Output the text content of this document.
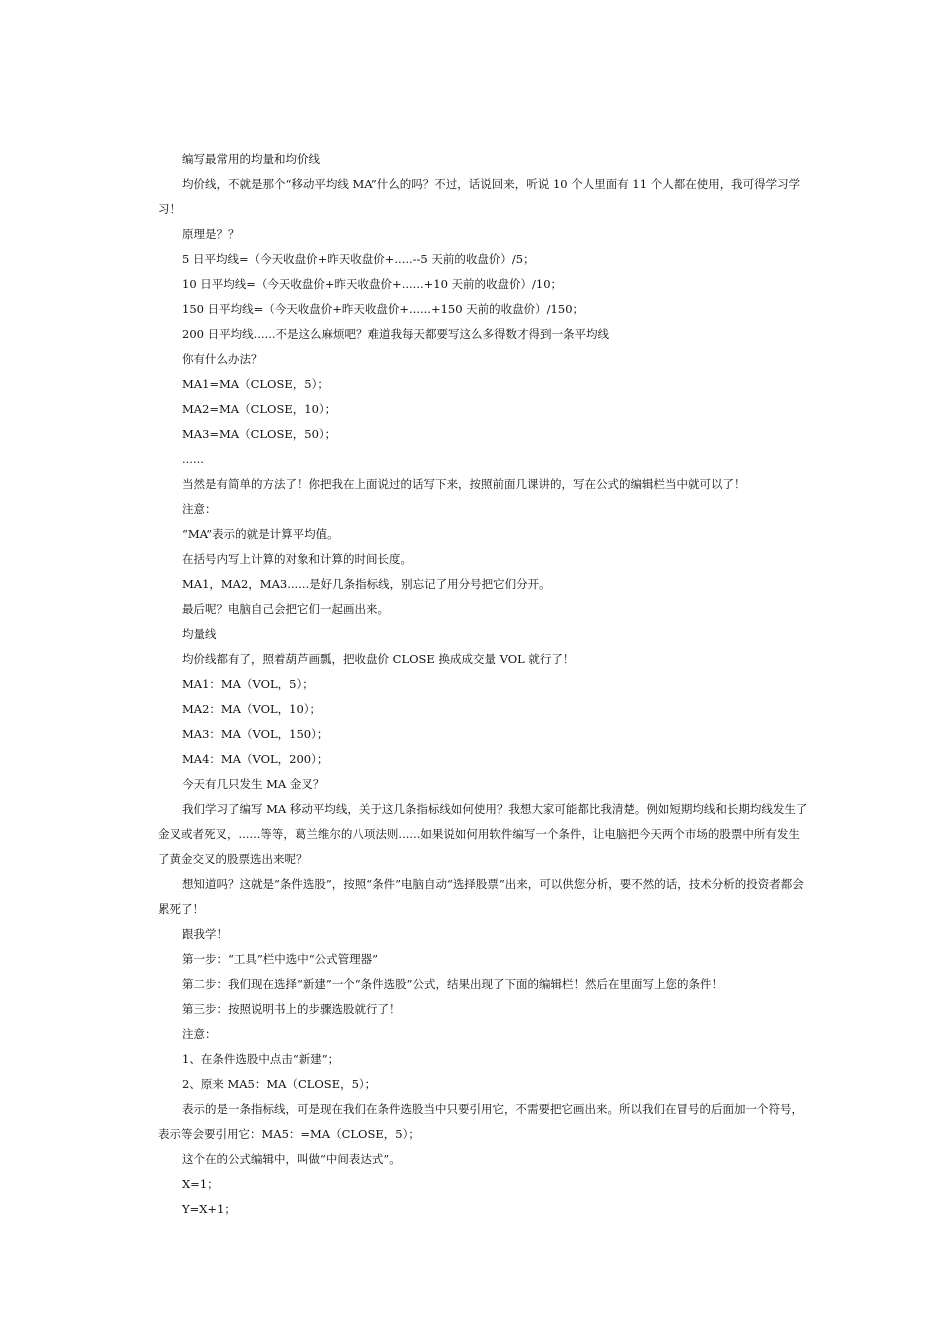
编写最常用的均量和均价线

均价线，不就是那个“移动平均线 MA”什么的吗？不过，话说回来，听说 10 个人里面有 11 个人都在使用，我可得学习学习！

原理是？？

5 日平均线=（今天收盘价+昨天收盘价+.....--5 天前的收盘价）/5；

10 日平均线=（今天收盘价+昨天收盘价+......+10 天前的收盘价）/10；

150 日平均线=（今天收盘价+昨天收盘价+......+150 天前的收盘价）/150；

200 日平均线......不是这么麻烦吧？难道我每天都要写这么多得数才得到一条平均线

你有什么办法？

MA1=MA（CLOSE，5）；

MA2=MA（CLOSE，10）；

MA3=MA（CLOSE，50）；

......

当然是有简单的方法了！你把我在上面说过的话写下来，按照前面几课讲的，写在公式的编辑栏当中就可以了！

注意：

“MA”表示的就是计算平均值。

在括号内写上计算的对象和计算的时间长度。

MA1，MA2，MA3......是好几条指标线，别忘记了用分号把它们分开。

最后呢？电脑自己会把它们一起画出来。

均量线

均价线都有了，照着葫芦画瓢，把收盘价 CLOSE 换成成交量 VOL 就行了！

MA1：MA（VOL，5）；

MA2：MA（VOL，10）；

MA3：MA（VOL，150）；

MA4：MA（VOL，200）；

今天有几只发生 MA 金叉？

我们学习了编写 MA 移动平均线，关于这几条指标线如何使用？我想大家可能都比我清楚。例如短期均线和长期均线发生了金叉或者死叉，......等等，葛兰维尔的八项法则......如果说如何用软件编写一个条件，让电脑把今天两个市场的股票中所有发生了黄金交叉的股票选出来呢？

想知道吗？这就是“条件选股”，按照“条件”电脑自动“选择股票”出来，可以供您分析，要不然的话，技术分析的投资者都会累死了！

跟我学！

第一步：“工具”栏中选中“公式管理器”

第二步：我们现在选择“新建”一个“条件选股”公式，结果出现了下面的编辑栏！然后在里面写上您的条件！

第三步：按照说明书上的步骤选股就行了！

注意：

1、在条件选股中点击“新建”；

2、原来 MA5：MA（CLOSE，5）；

表示的是一条指标线，可是现在我们在条件选股当中只要引用它，不需要把它画出来。所以我们在冒号的后面加一个符号，表示等会要引用它：MA5：=MA（CLOSE，5）；

这个在的公式编辑中，叫做“中间表达式”。

X=1；

Y=X+1；
